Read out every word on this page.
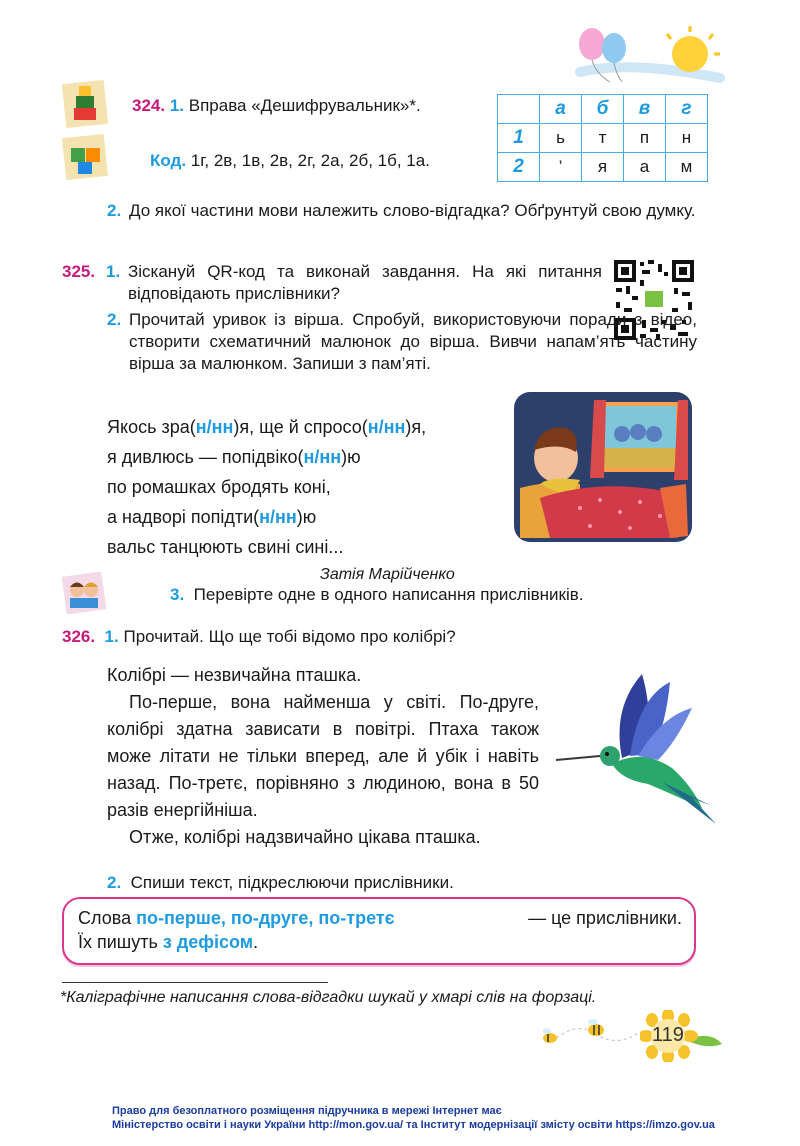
324. 1. Вправа «Дешифрувальник»*.
Код. 1г, 2в, 1в, 2в, 2г, 2а, 2б, 1б, 1а.
	а	б	в	г
1	ь	т	п	н
2	’	я	а	м
2. До якої частини мови належить слово-відгадка? Обґрунтуй свою думку.
325. 1. Зіскануй QR-код та виконай завдання. На які питання відповідають прислівники?
2. Прочитай уривок із вірша. Спробуй, використовуючи поради з відео, створити схематичний малюнок до вірша. Вивчи напам’ять частину вірша за малюнком. Запиши з пам’яті.
Якось зра(н/нн)я, ще й спросо(н/нн)я,
я дивлюсь — попідвіко(н/нн)ю
по ромашках бродять коні,
а надворі попідти(н/нн)ю
вальс танцюють свині сині...
Затія Марійченко
3. Перевірте одне в одного написання прислівників.
326. 1. Прочитай. Що ще тобі відомо про колібрі?
Колібрі — незвичайна пташка.
По-перше, вона найменша у світі. По-друге, колібрі здатна зависати в повітрі. Птаха також може літати не тільки вперед, але й убік і навіть назад. По-третє, порівняно з людиною, вона в 50 разів енергійніша.
Отже, колібрі надзвичайно цікава пташка.
2. Спиши текст, підкреслюючи прислівники.
Слова по-перше, по-друге, по-третє	— це прислівники.
Їх пишуть з дефісом.
*Каліграфічне написання слова-відгадки шукай у хмарі слів на форзаці.
119
Право для безоплатного розміщення підручника в мережі Інтернет має
Міністерство освіти і науки України http://mon.gov.ua/ та Інститут модернізації змісту освіти https://imzo.gov.ua
